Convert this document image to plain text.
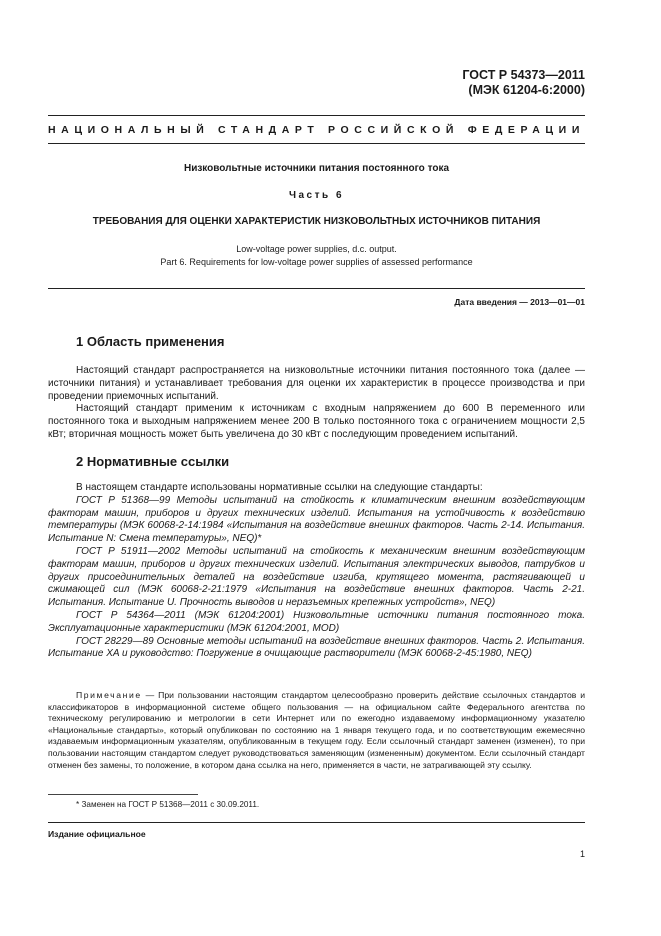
ГОСТ Р 54373—2011
(МЭК 61204-6:2000)
НАЦИОНАЛЬНЫЙ СТАНДАРТ РОССИЙСКОЙ ФЕДЕРАЦИИ
Низковольтные источники питания постоянного тока
Часть 6
ТРЕБОВАНИЯ ДЛЯ ОЦЕНКИ ХАРАКТЕРИСТИК НИЗКОВОЛЬТНЫХ ИСТОЧНИКОВ ПИТАНИЯ
Low-voltage power supplies, d.c. output.
Part 6. Requirements for low-voltage power supplies of assessed performance
Дата введения — 2013—01—01
1 Область применения

Настоящий стандарт распространяется на низковольтные источники питания постоянного тока (далее — источники питания) и устанавливает требования для оценки их характеристик в процессе производства и при проведении приемочных испытаний.

Настоящий стандарт применим к источникам с входным напряжением до 600 В переменного или постоянного тока и выходным напряжением менее 200 В только постоянного тока с ограничением мощности 2,5 кВт; вторичная мощность может быть увеличена до 30 кВт с последующим проведением испытаний.

2 Нормативные ссылки

В настоящем стандарте использованы нормативные ссылки на следующие стандарты:

ГОСТ Р 51368—99 Методы испытаний на стойкость к климатическим внешним воздействующим факторам машин, приборов и других технических изделий. Испытания на устойчивость к воздействию температуры (МЭК 60068-2-14:1984 «Испытания на воздействие внешних факторов. Часть 2-14. Испытания. Испытание N: Смена температуры», NEQ)*

ГОСТ Р 51911—2002 Методы испытаний на стойкость к механическим внешним воздействующим факторам машин, приборов и других технических изделий. Испытания электрических выводов, патрубков и других присоединительных деталей на воздействие изгиба, крутящего момента, растягивающей и сжимающей сил (МЭК 60068-2-21:1979 «Испытания на воздействие внешних факторов. Часть 2-21. Испытания. Испытание U. Прочность выводов и неразъемных крепежных устройств», NEQ)

ГОСТ Р 54364—2011 (МЭК 61204:2001) Низковольтные источники питания постоянного тока. Эксплуатационные характеристики (МЭК 61204:2001, MOD)

ГОСТ 28229—89 Основные методы испытаний на воздействие внешних факторов. Часть 2. Испытания. Испытание XA и руководство: Погружение в очищающие растворители (МЭК 60068-2-45:1980, NEQ)

Примечание — При пользовании настоящим стандартом целесообразно проверить действие ссылочных стандартов и классификаторов в информационной системе общего пользования — на официальном сайте Федерального агентства по техническому регулированию и метрологии в сети Интернет или по ежегодно издаваемому информационному указателю «Национальные стандарты», который опубликован по состоянию на 1 января текущего года, и по соответствующим ежемесячно издаваемым информационным указателям, опубликованным в текущем году. Если ссылочный стандарт заменен (изменен), то при пользовании настоящим стандартом следует руководствоваться заменяющим (измененным) документом. Если ссылочный стандарт отменен без замены, то положение, в котором дана ссылка на него, применяется в части, не затрагивающей эту ссылку.
* Заменен на ГОСТ Р 51368—2011 с 30.09.2011.
Издание официальное
1
